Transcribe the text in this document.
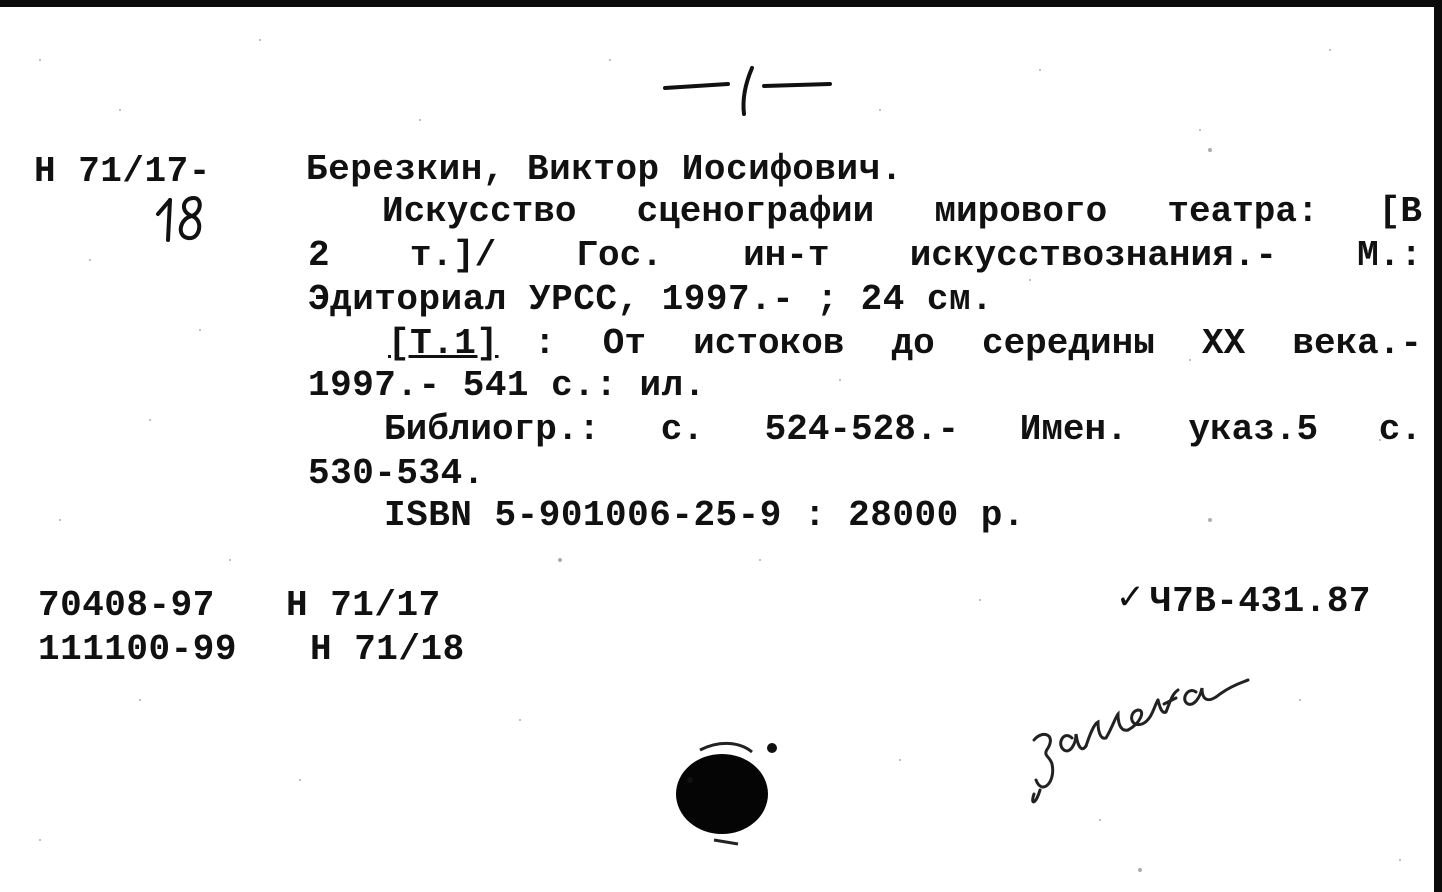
Н 71/17-	Березкин, Виктор Иосифович.
Искусство сценографии мирового театра: [В
2 т.]/ Гос. ин-т искусствознания.- М.:
Эдиториал УРСС, 1997.- ; 24 см.
[Т.1] : От истоков до середины XX века.-
1997.- 541 с.: ил.
Библиогр.: с. 524-528.- Имен. указ.5 с.
530-534.
ISBN 5-901006-25-9 : 28000 р.
70408-97 Н 71/17
111100-99 Н 71/18
✓ Ч7В-431.87
